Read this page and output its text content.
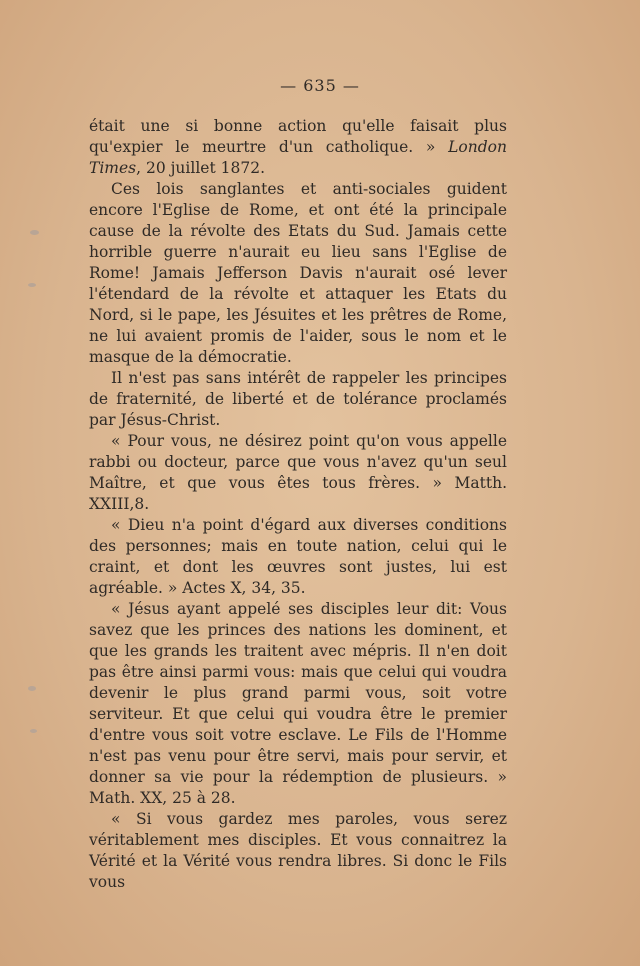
— 635 —

était une si bonne action qu'elle faisait plus qu'expier le meurtre d'un catholique. » London Times, 20 juillet 1872.

Ces lois sanglantes et anti-sociales guident encore l'Eglise de Rome, et ont été la principale cause de la révolte des Etats du Sud. Jamais cette horrible guerre n'aurait eu lieu sans l'Eglise de Rome! Jamais Jefferson Davis n'aurait osé lever l'étendard de la révolte et attaquer les Etats du Nord, si le pape, les Jésuites et les prêtres de Rome, ne lui avaient promis de l'aider, sous le nom et le masque de la démocratie.

Il n'est pas sans intérêt de rappeler les principes de fraternité, de liberté et de tolérance proclamés par Jésus-Christ.

« Pour vous, ne désirez point qu'on vous appelle rabbi ou docteur, parce que vous n'avez qu'un seul Maître, et que vous êtes tous frères. » Matth. XXIII,8.

« Dieu n'a point d'égard aux diverses conditions des personnes; mais en toute nation, celui qui le craint, et dont les œuvres sont justes, lui est agréable. » Actes X, 34, 35.

« Jésus ayant appelé ses disciples leur dit: Vous savez que les princes des nations les dominent, et que les grands les traitent avec mépris. Il n'en doit pas être ainsi parmi vous: mais que celui qui voudra devenir le plus grand parmi vous, soit votre serviteur. Et que celui qui voudra être le premier d'entre vous soit votre esclave. Le Fils de l'Homme n'est pas venu pour être servi, mais pour servir, et donner sa vie pour la rédemption de plusieurs. » Math. XX, 25 à 28.

« Si vous gardez mes paroles, vous serez véritablement mes disciples. Et vous connaitrez la Vérité et la Vérité vous rendra libres. Si donc le Fils vous
